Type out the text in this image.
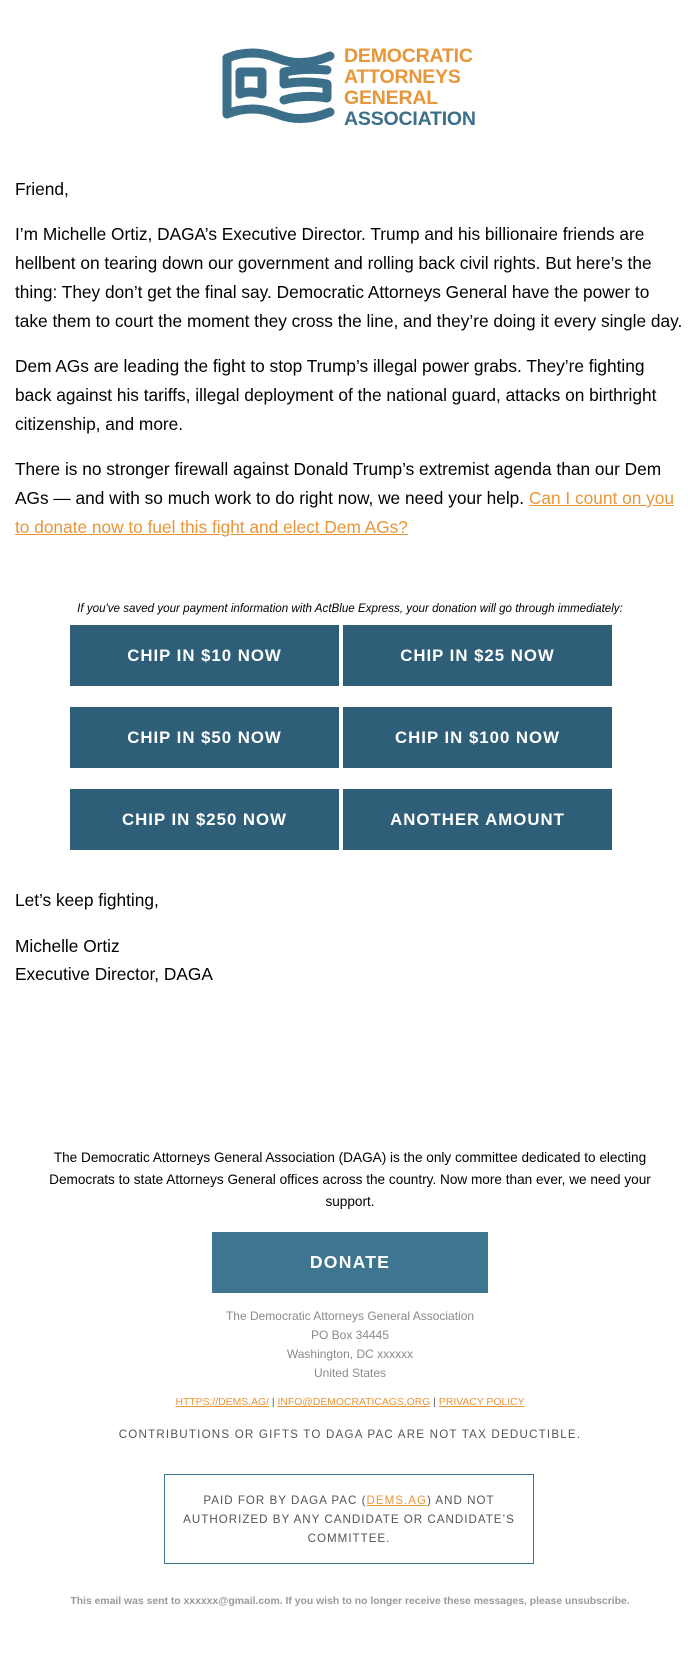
DEMOCRATIC
ATTORNEYS
GENERAL
ASSOCIATION

Friend,

I’m Michelle Ortiz, DAGA’s Executive Director. Trump and his billionaire friends are hellbent on tearing down our government and rolling back civil rights. But here’s the thing: They don’t get the final say. Democratic Attorneys General have the power to take them to court the moment they cross the line, and they’re doing it every single day.

Dem AGs are leading the fight to stop Trump’s illegal power grabs. They’re fighting back against his tariffs, illegal deployment of the national guard, attacks on birthright citizenship, and more.

There is no stronger firewall against Donald Trump’s extremist agenda than our Dem AGs — and with so much work to do right now, we need your help. Can I count on you to donate now to fuel this fight and elect Dem AGs?

If you've saved your payment information with ActBlue Express, your donation will go through immediately:
CHIP IN $10 NOW	CHIP IN $25 NOW
CHIP IN $50 NOW	CHIP IN $100 NOW
CHIP IN $250 NOW	ANOTHER AMOUNT
Let’s keep fighting,
Michelle Ortiz
Executive Director, DAGA
The Democratic Attorneys General Association (DAGA) is the only committee dedicated to electing Democrats to state Attorneys General offices across the country. Now more than ever, we need your support.
DONATE
The Democratic Attorneys General Association
PO Box 34445
Washington, DC xxxxxx
United States
HTTPS://DEMS.AG/ | INFO@DEMOCRATICAGS.ORG | PRIVACY POLICY
CONTRIBUTIONS OR GIFTS TO DAGA PAC ARE NOT TAX DEDUCTIBLE.
PAID FOR BY DAGA PAC (DEMS.AG) AND NOT AUTHORIZED BY ANY CANDIDATE OR CANDIDATE’S COMMITTEE.
This email was sent to xxxxxx@gmail.com. If you wish to no longer receive these messages, please unsubscribe.
